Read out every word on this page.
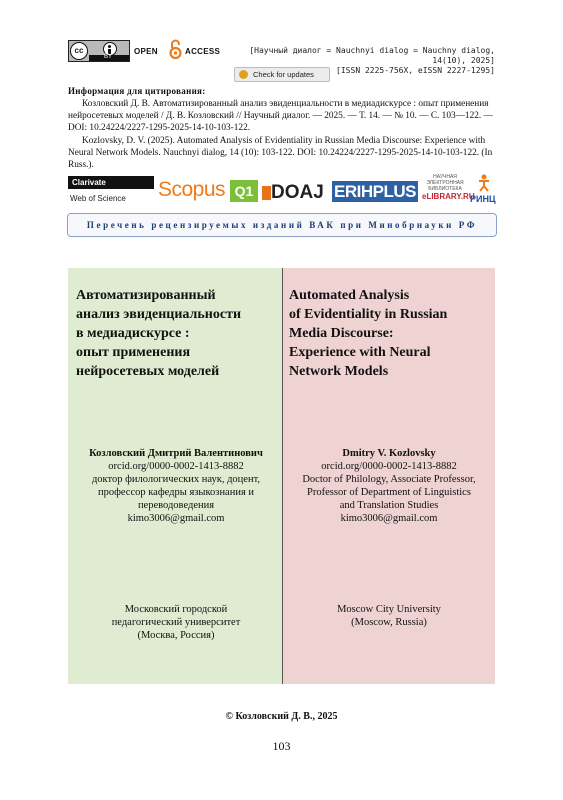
cc
BY
OPEN	ACCESS	[Научный диалог = Nauchnyi dialog = Nauchny dialog, 14(10), 2025]
[ISSN 2225-756X, eISSN 2227-1295]
Check for updates
Информация для цитирования:

Козловский Д. В. Автоматизированный анализ эвиденциальности в медиадискурсе : опыт применения нейросетевых моделей / Д. В. Козловский // Научный диалог. — 2025. — Т. 14. — № 10. — С. 103—122. — DOI: 10.24224/2227-1295-2025-14-10-103-122.

Kozlovsky, D. V. (2025). Automated Analysis of Evidentiality in Russian Media Discourse: Experience with Neural Network Models. Nauchnyi dialog, 14 (10): 103-122. DOI: 10.24224/2227-1295-2025-14-10-103-122. (In Russ.).

Clarivate
Web of Science Scopus Q1 DOAJ ERIHPLUS
НАУЧНАЯ ЭЛЕКТРОННАЯ БИБЛИОТЕКА
eLIBRARY.RU
РИНЦ
Перечень рецензируемых изданий ВАК при Минобрнауки РФ
Автоматизированный
анализ эвиденциальности
в медиадискурсе :
опыт применения
нейросетевых моделей
Automated Analysis
of Evidentiality in Russian
Media Discourse:
Experience with Neural
Network Models
Козловский Дмитрий Валентинович
orcid.org/0000-0002-1413-8882
доктор филологических наук, доцент,
профессор кафедры языкознания и
переводоведения
kimo3006@gmail.com
Dmitry V. Kozlovsky
orcid.org/0000-0002-1413-8882
Doctor of Philology, Associate Professor,
Professor of Department of Linguistics
and Translation Studies
kimo3006@gmail.com
Московский городской
педагогический университет
(Москва, Россия)
Moscow City University
(Moscow, Russia)
© Козловский Д. В., 2025
103
